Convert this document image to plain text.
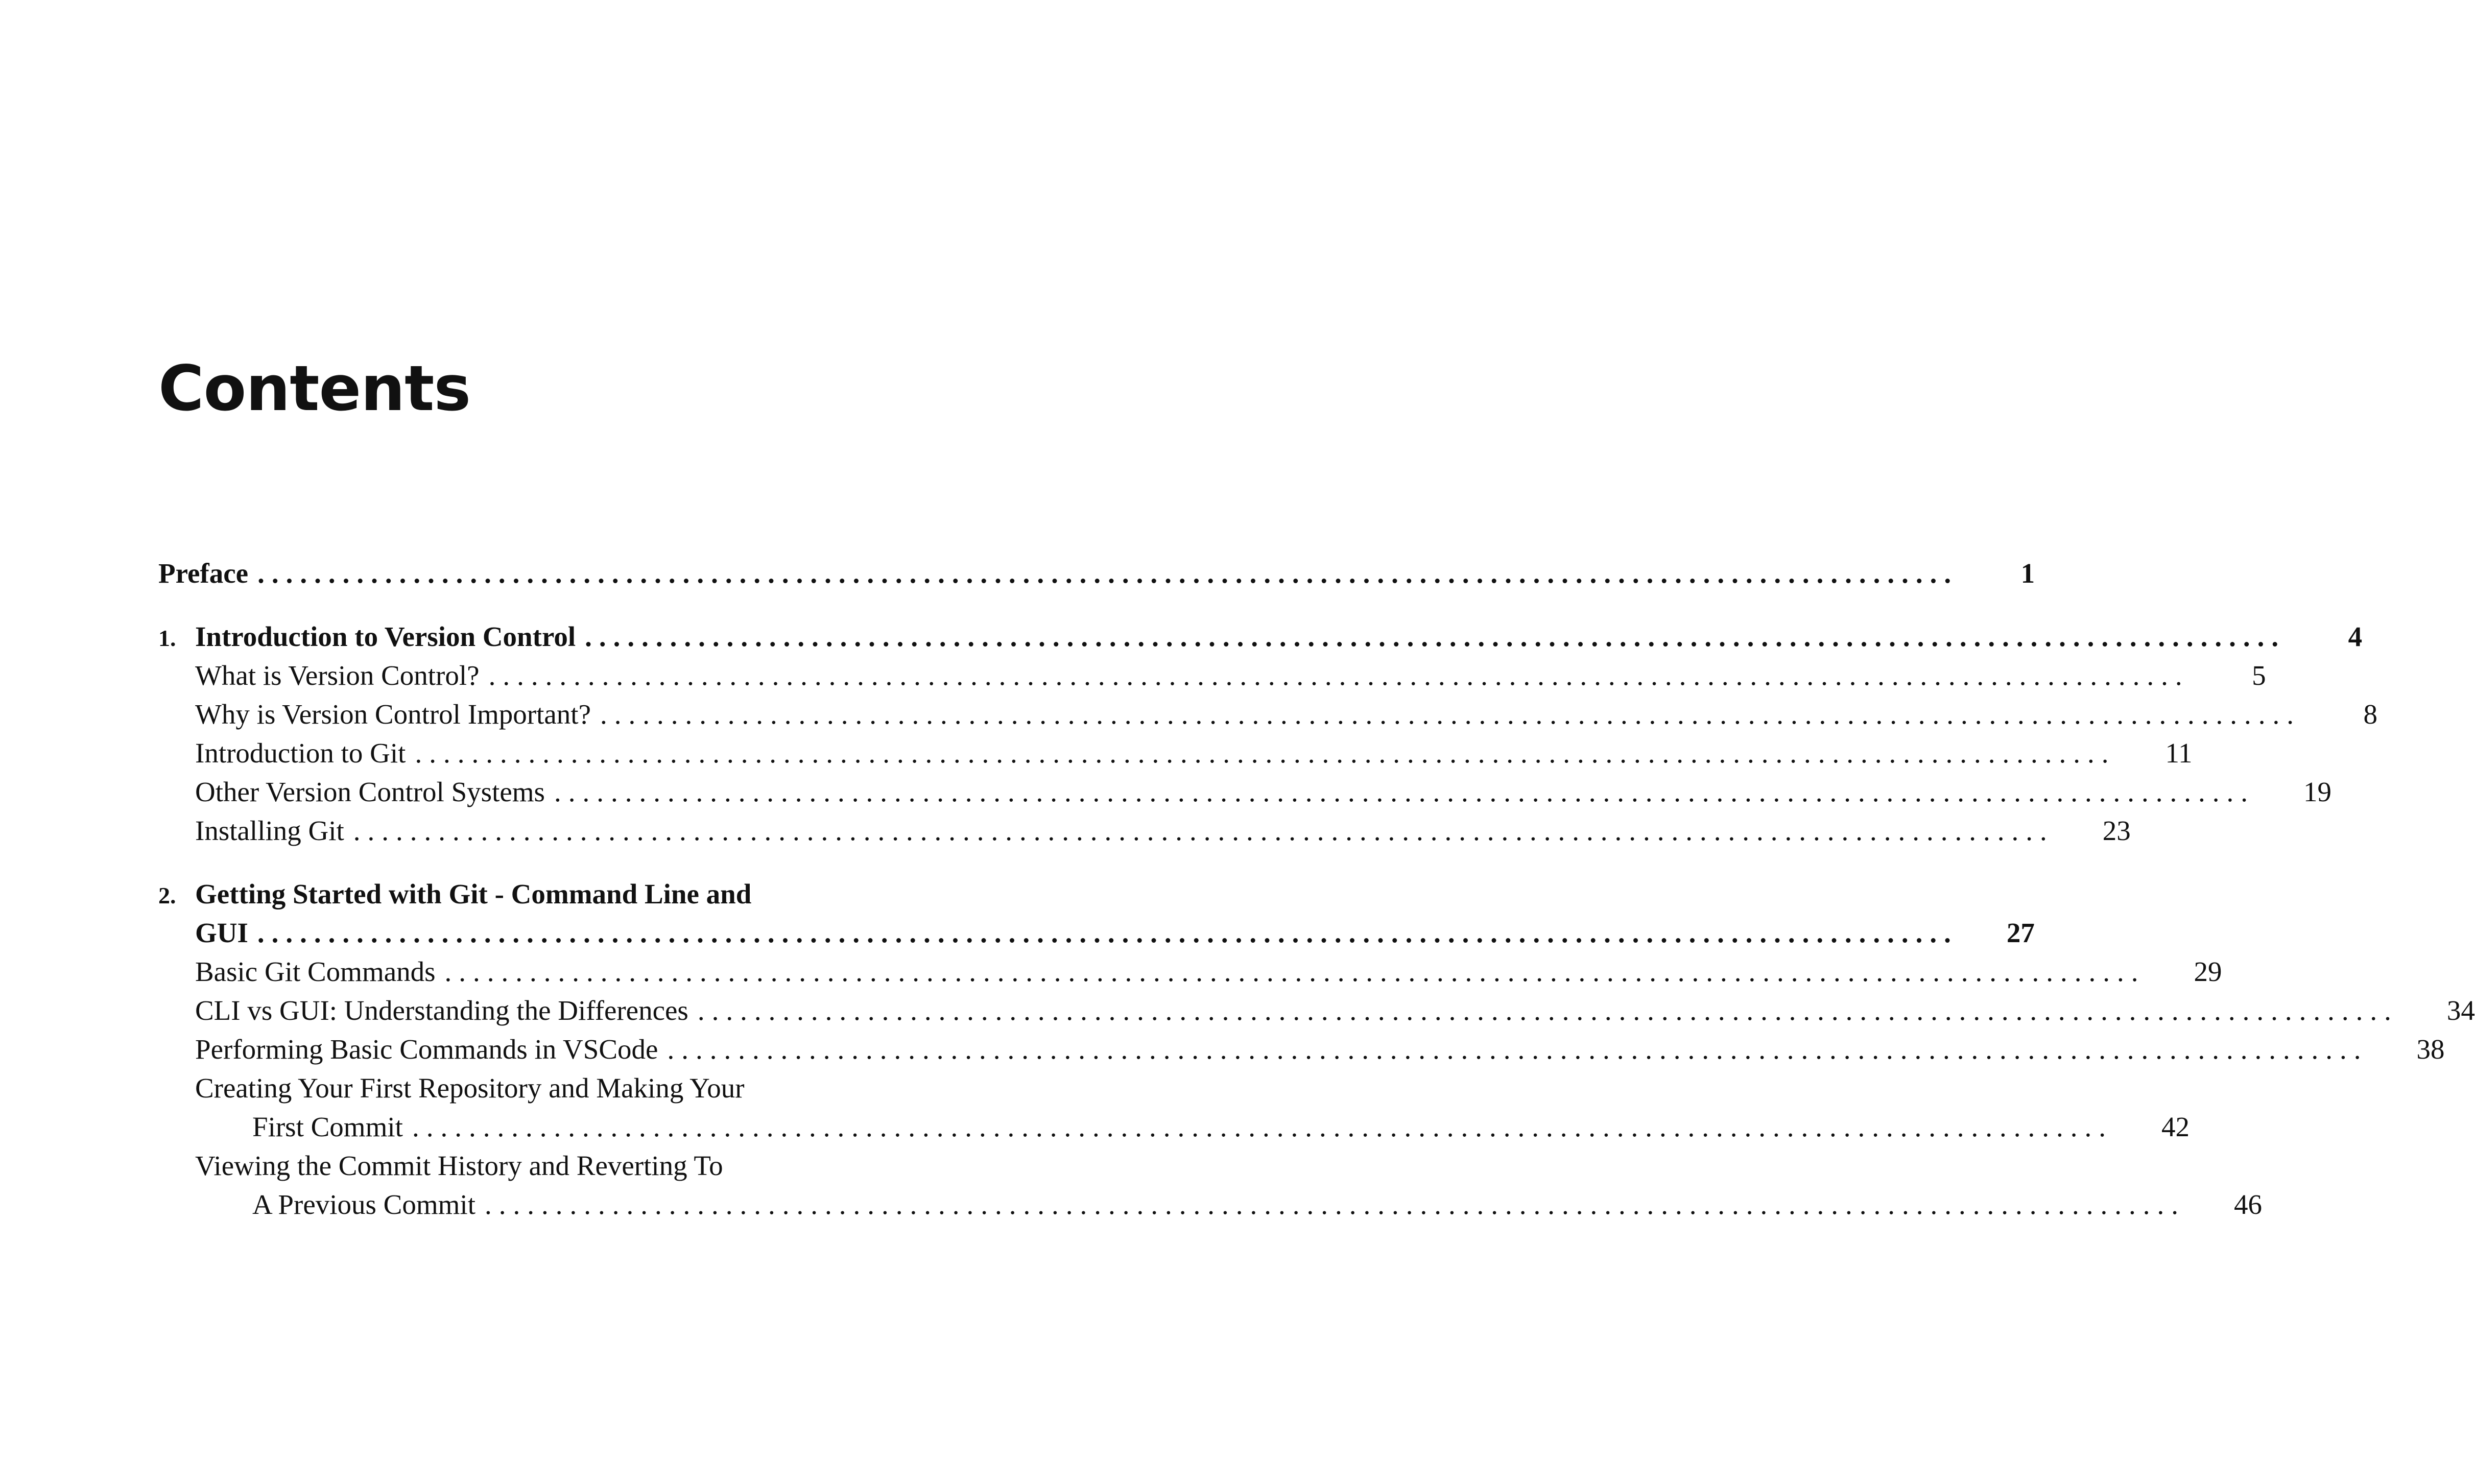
Contents
Preface ........................................................................................................................	1
1. Introduction to Version Control ........................................................................................................................	4
What is Version Control? ........................................................................................................................	5
Why is Version Control Important? ........................................................................................................................	8
Introduction to Git ........................................................................................................................	11
Other Version Control Systems ........................................................................................................................	19
Installing Git ........................................................................................................................	23
2. Getting Started with Git - Command Line and
GUI ........................................................................................................................	27
Basic Git Commands ........................................................................................................................	29
CLI vs GUI: Understanding the Differences ........................................................................................................................	34
Performing Basic Commands in VSCode ........................................................................................................................	38
Creating Your First Repository and Making Your
First Commit ........................................................................................................................	42
Viewing the Commit History and Reverting To
A Previous Commit ........................................................................................................................	46
